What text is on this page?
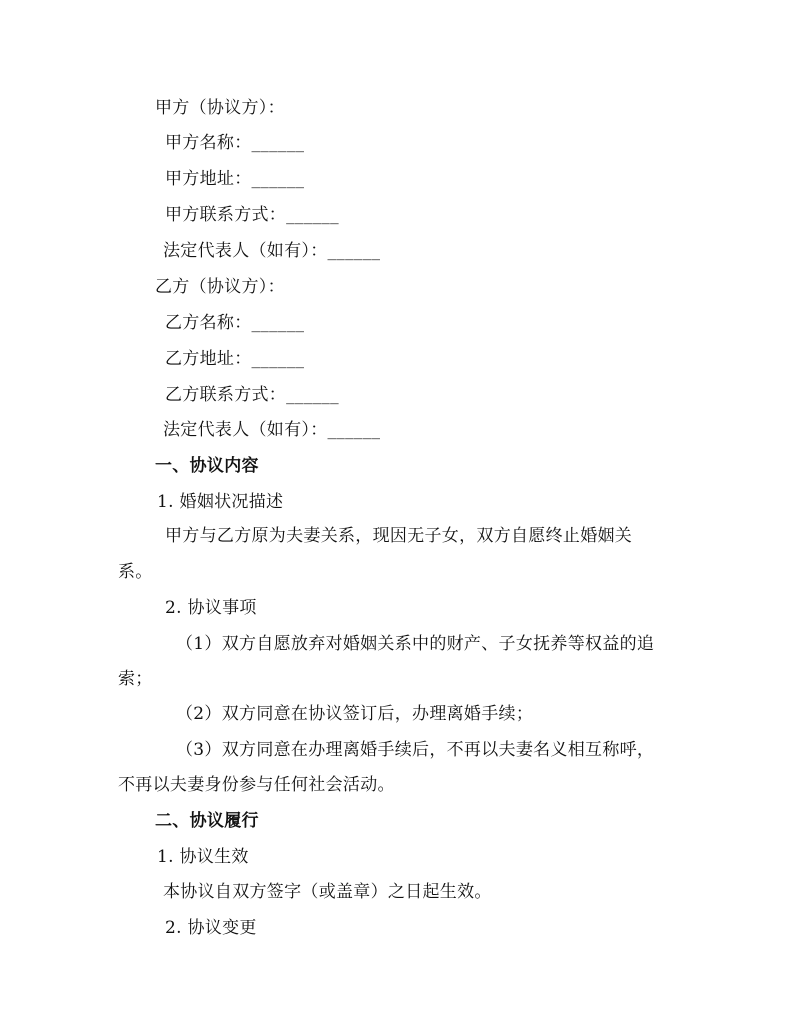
甲方（协议方）：
甲方名称：______
甲方地址：______
甲方联系方式：______
法定代表人（如有）：______
乙方（协议方）：
乙方名称：______
乙方地址：______
乙方联系方式：______
法定代表人（如有）：______
一、协议内容
1. 婚姻状况描述
甲方与乙方原为夫妻关系，现因无子女，双方自愿终止婚姻关
系。
2. 协议事项
（1）双方自愿放弃对婚姻关系中的财产、子女抚养等权益的追
索；
（2）双方同意在协议签订后，办理离婚手续；
（3）双方同意在办理离婚手续后，不再以夫妻名义相互称呼，
不再以夫妻身份参与任何社会活动。
二、协议履行
1. 协议生效
本协议自双方签字（或盖章）之日起生效。
2. 协议变更
